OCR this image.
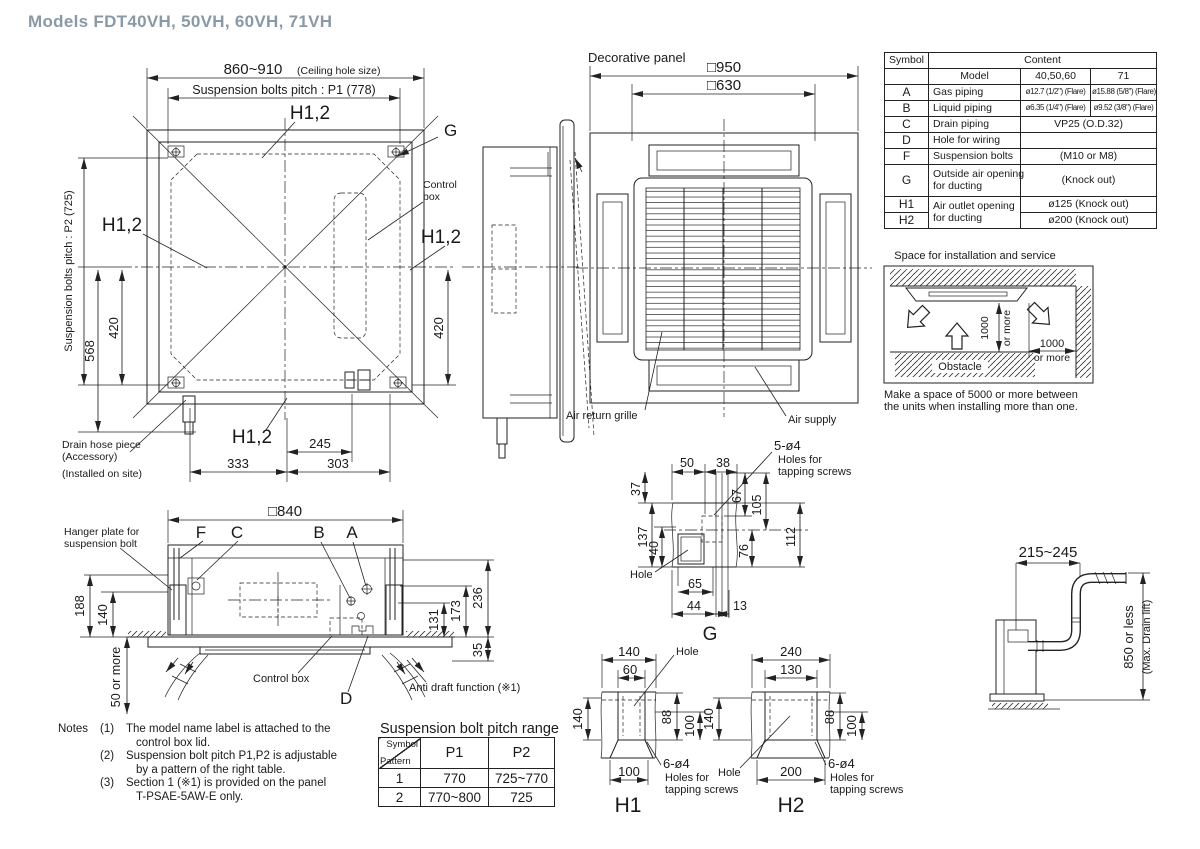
Models FDT40VH, 50VH, 60VH, 71VH
860~910 (Ceiling hole size)
Suspension bolts pitch : P1 (778)
Suspension bolts pitch : P2 (725) 568
420	420
245
333	303
H1,2
H1,2
H1,2
H1,2
G
Control
box
Drain hose piece
(Accessory)
(Installed on site)
Decorative panel
□950
□630
Air return grille	Air supply
Space for installation and service
1000 or more
Obstacle
1000
or more
Make a space of 5000 or more between
the units when installing more than one.
□840
188 140
50 or more
131 173
236
35
F C	B A
Hanger plate for
suspension bolt
Control box
D
Anti draft function (※1)
50 38
37
137
40
67 105
76
112
65
44	13
Hole
5-ø4
Holes for
tapping screws
G
140
60
88
140	100
100
Hole
6-ø4
Holes for
tapping screws
H1
240
130
88
140	100
200
Hole
6-ø4
Holes for
tapping screws
H2
215~245
850 or less (Max. Drain lift)
Symbol	Content		
	Model	40,50,60	71
A	Gas piping	ø12.7 (1/2") (Flare)	ø15.88 (5/8") (Flare)
B	Liquid piping	ø6.35 (1/4") (Flare)	ø9.52 (3/8") (Flare)
C	Drain piping	VP25 (O.D.32)	
D	Hole for wiring		
F	Suspension bolts	(M10 or M8)	
G	Outside air opening
for ducting	(Knock out)	
H1	Air outlet opening
for ducting	ø125 (Knock out)	
H2		ø200 (Knock out)	
Notes	(1)	The model name label is attached to the
control box lid.
(2)	Suspension bolt pitch P1,P2 is adjustable
by a pattern of the right table.
(3)	Section 1 (※1) is provided on the panel
T-PSAE-5AW-E only.
Suspension bolt pitch range
Symbol
Pattern	P1	P2
1	770	725~770
2	770~800	725
